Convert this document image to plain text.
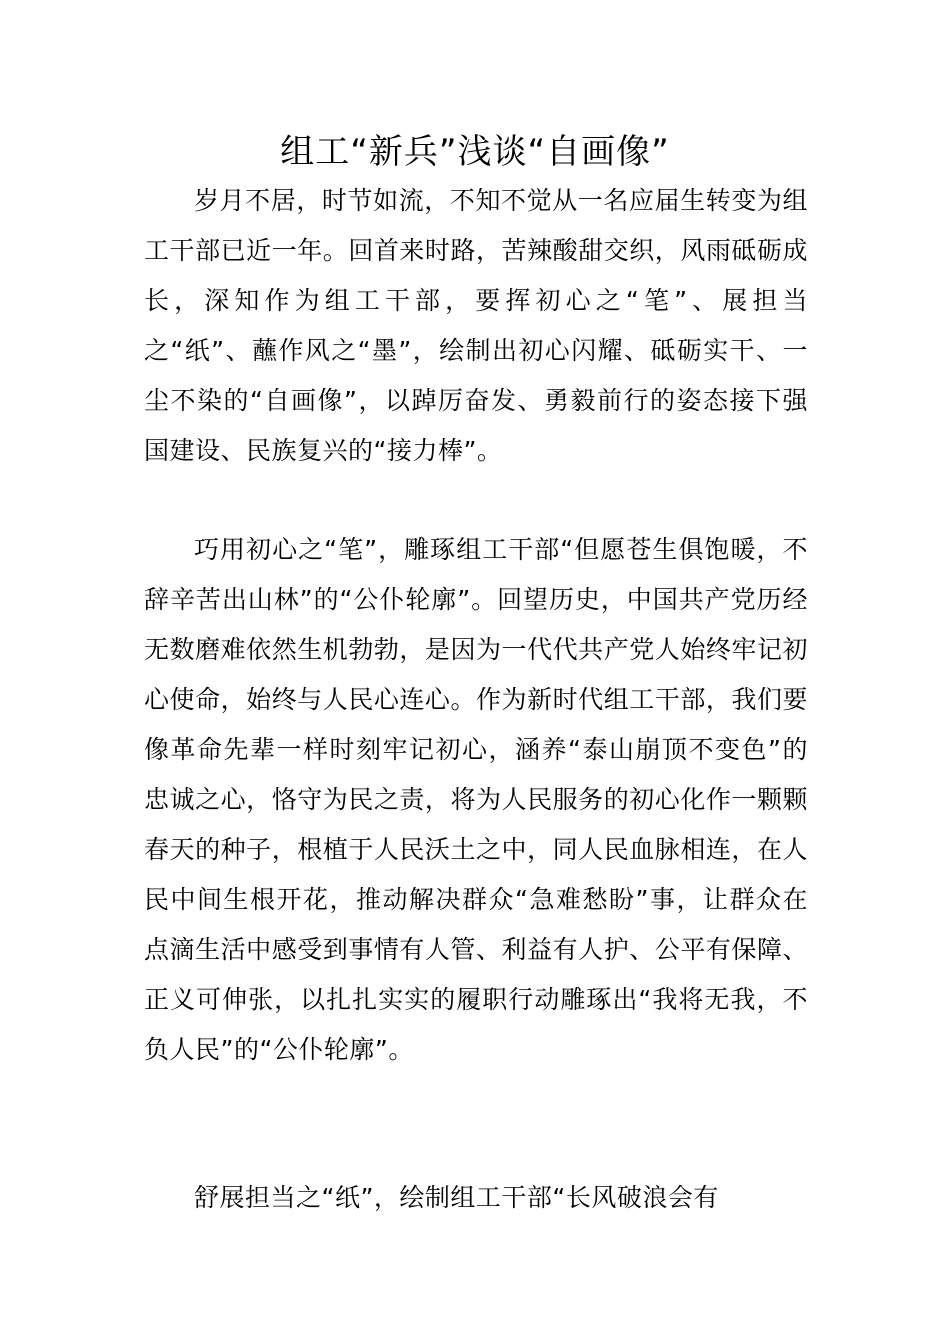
组工“新兵”浅谈“自画像”

岁月不居，时节如流，不知不觉从一名应届生转变为组工干部已近一年。回首来时路，苦辣酸甜交织，风雨砥砺成长，深知作为组工干部，要挥初心之“笔”、展担当之“纸”、蘸作风之“墨”，绘制出初心闪耀、砥砺实干、一尘不染的“自画像”，以踔厉奋发、勇毅前行的姿态接下强国建设、民族复兴的“接力棒”。

巧用初心之“笔”，雕琢组工干部“但愿苍生俱饱暖，不辞辛苦出山林”的“公仆轮廓”。回望历史，中国共产党历经无数磨难依然生机勃勃，是因为一代代共产党人始终牢记初心使命，始终与人民心连心。作为新时代组工干部，我们要像革命先辈一样时刻牢记初心，涵养“泰山崩顶不变色”的忠诚之心，恪守为民之责，将为人民服务的初心化作一颗颗春天的种子，根植于人民沃土之中，同人民血脉相连，在人民中间生根开花，推动解决群众“急难愁盼”事，让群众在点滴生活中感受到事情有人管、利益有人护、公平有保障、正义可伸张，以扎扎实实的履职行动雕琢出“我将无我，不负人民”的“公仆轮廓”。

舒展担当之“纸”，绘制组工干部“长风破浪会有
